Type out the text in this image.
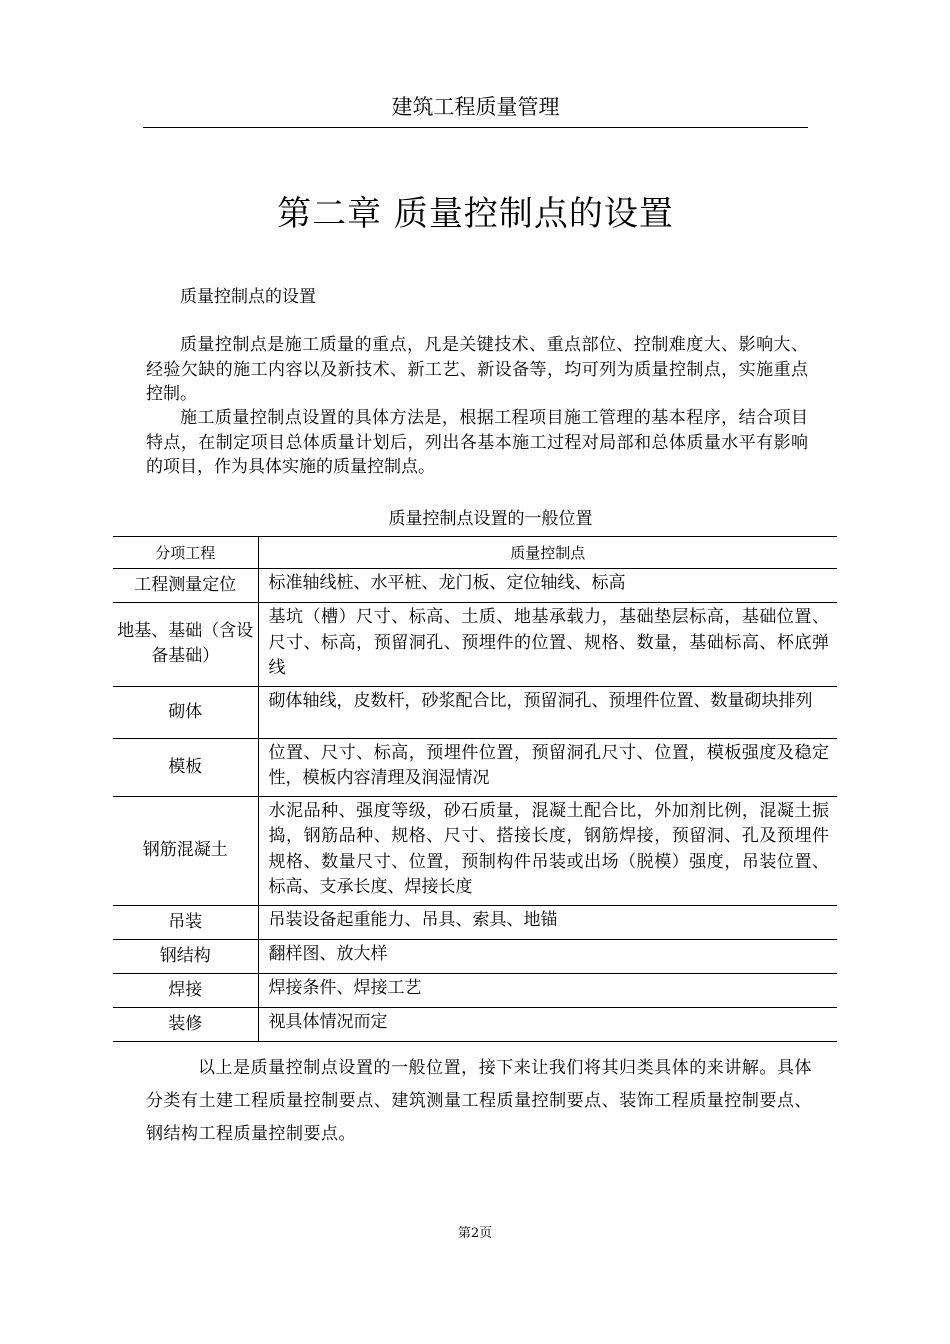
建筑工程质量管理
第二章 质量控制点的设置
质量控制点的设置
质量控制点是施工质量的重点，凡是关键技术、重点部位、控制难度大、影响大、经验欠缺的施工内容以及新技术、新工艺、新设备等，均可列为质量控制点，实施重点控制。
施工质量控制点设置的具体方法是，根据工程项目施工管理的基本程序，结合项目特点，在制定项目总体质量计划后，列出各基本施工过程对局部和总体质量水平有影响的项目，作为具体实施的质量控制点。
质量控制点设置的一般位置
分项工程	质量控制点
工程测量定位	标准轴线桩、水平桩、龙门板、定位轴线、标高
地基、基础（含设备基础）	基坑（槽）尺寸、标高、土质、地基承载力，基础垫层标高，基础位置、尺寸、标高，预留洞孔、预埋件的位置、规格、数量，基础标高、杯底弹线
砌体	砌体轴线，皮数杆，砂浆配合比，预留洞孔、预埋件位置、数量砌块排列
模板	位置、尺寸、标高，预埋件位置，预留洞孔尺寸、位置，模板强度及稳定性，模板内容清理及润湿情况
钢筋混凝土	水泥品种、强度等级，砂石质量，混凝土配合比，外加剂比例，混凝土振捣，钢筋品种、规格、尺寸、搭接长度，钢筋焊接，预留洞、孔及预埋件规格、数量尺寸、位置，预制构件吊装或出场（脱模）强度，吊装位置、标高、支承长度、焊接长度
吊装	吊装设备起重能力、吊具、索具、地锚
钢结构	翻样图、放大样
焊接	焊接条件、焊接工艺
装修	视具体情况而定
以上是质量控制点设置的一般位置，接下来让我们将其归类具体的来讲解。具体分类有土建工程质量控制要点、建筑测量工程质量控制要点、装饰工程质量控制要点、钢结构工程质量控制要点。
第2页
